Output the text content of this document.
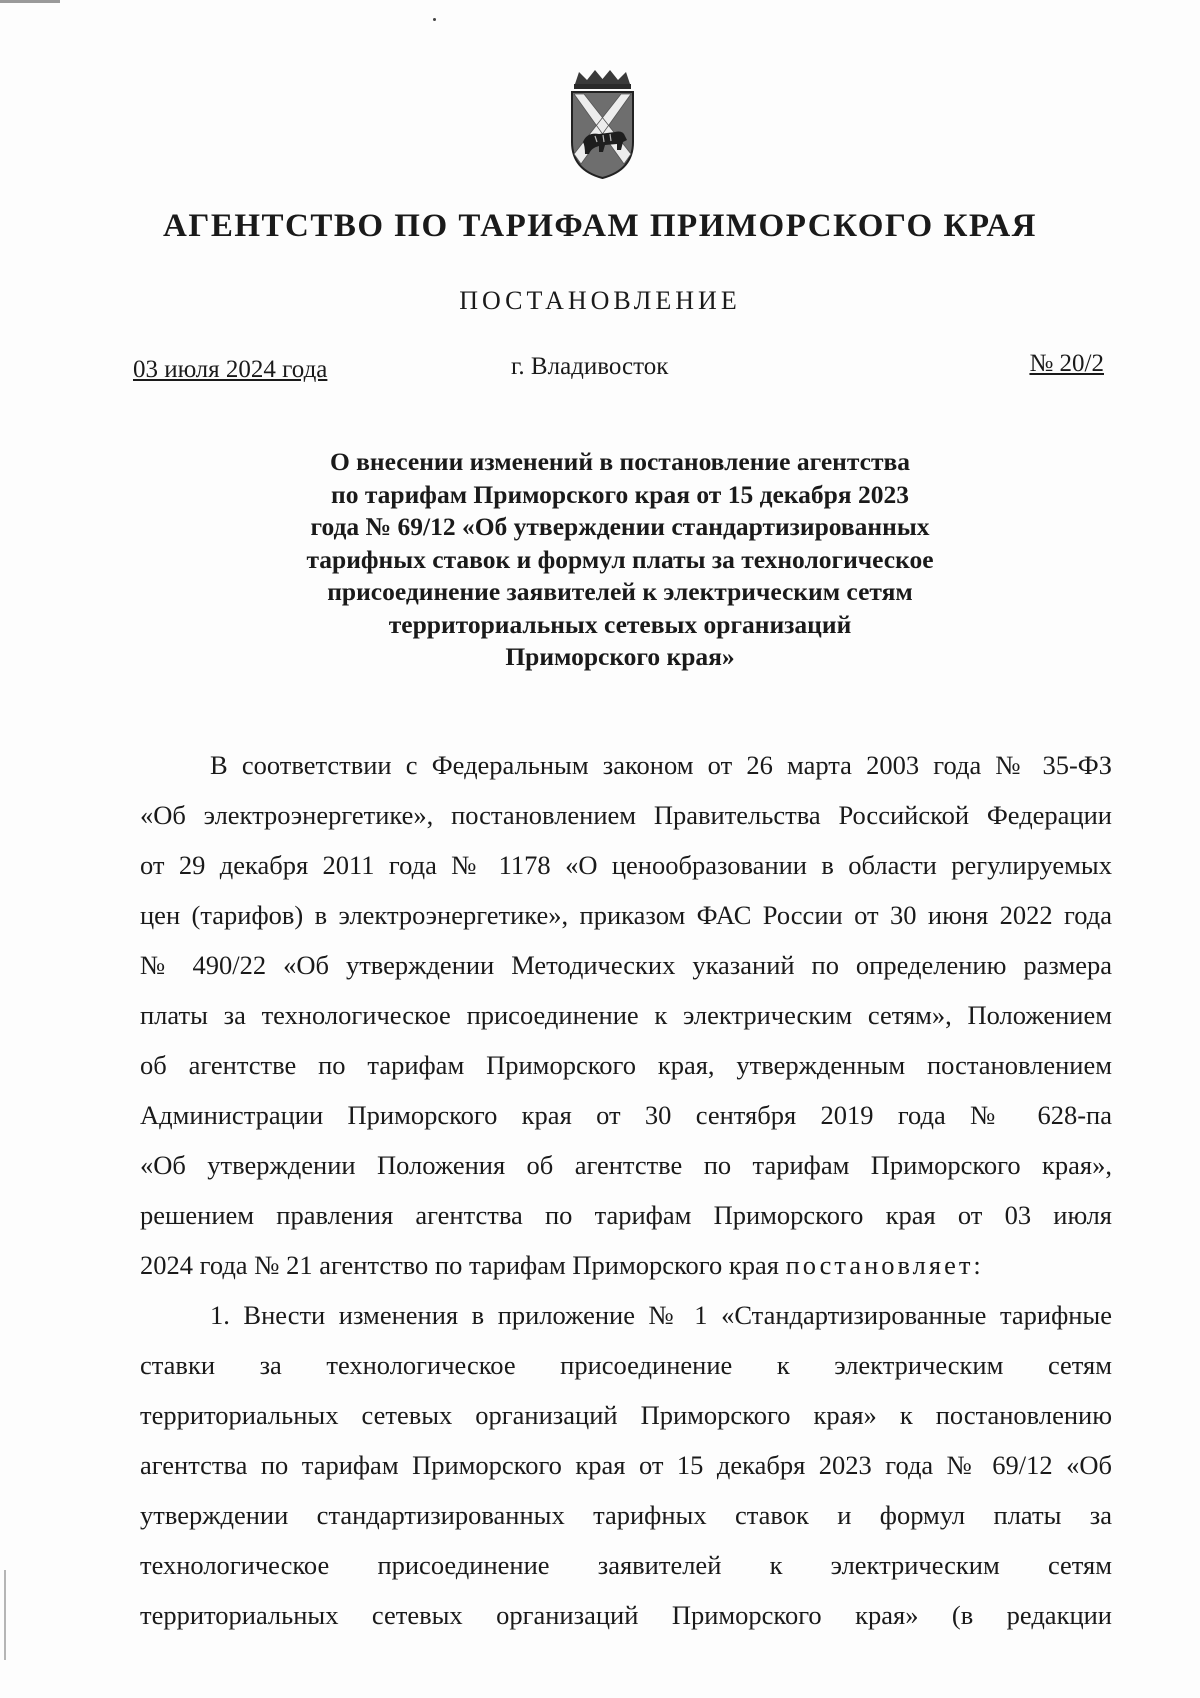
АГЕНТСТВО ПО ТАРИФАМ ПРИМОРСКОГО КРАЯ
ПОСТАНОВЛЕНИЕ
03 июля 2024 года	г. Владивосток	№ 20/2
О внесении изменений в постановление агентства
по тарифам Приморского края от 15 декабря 2023
года № 69/12 «Об утверждении стандартизированных
тарифных ставок и формул платы за технологическое
присоединение заявителей к электрическим сетям
территориальных сетевых организаций
Приморского края»
В соответствии с Федеральным законом от 26 марта 2003 года № 35-ФЗ
«Об электроэнергетике», постановлением Правительства Российской Федерации
от 29 декабря 2011 года № 1178 «О ценообразовании в области регулируемых
цен (тарифов) в электроэнергетике», приказом ФАС России от 30 июня 2022 года
№ 490/22 «Об утверждении Методических указаний по определению размера
платы за технологическое присоединение к электрическим сетям», Положением
об агентстве по тарифам Приморского края, утвержденным постановлением
Администрации Приморского края от 30 сентября 2019 года № 628-па
«Об утверждении Положения об агентстве по тарифам Приморского края»,
решением правления агентства по тарифам Приморского края от 03 июля
2024 года № 21 агентство по тарифам Приморского края постановляет:
1. Внести изменения в приложение № 1 «Стандартизированные тарифные
ставки за технологическое присоединение к электрическим сетям
территориальных сетевых организаций Приморского края» к постановлению
агентства по тарифам Приморского края от 15 декабря 2023 года № 69/12 «Об
утверждении стандартизированных тарифных ставок и формул платы за
технологическое присоединение заявителей к электрическим сетям
территориальных сетевых организаций Приморского края» (в редакции
